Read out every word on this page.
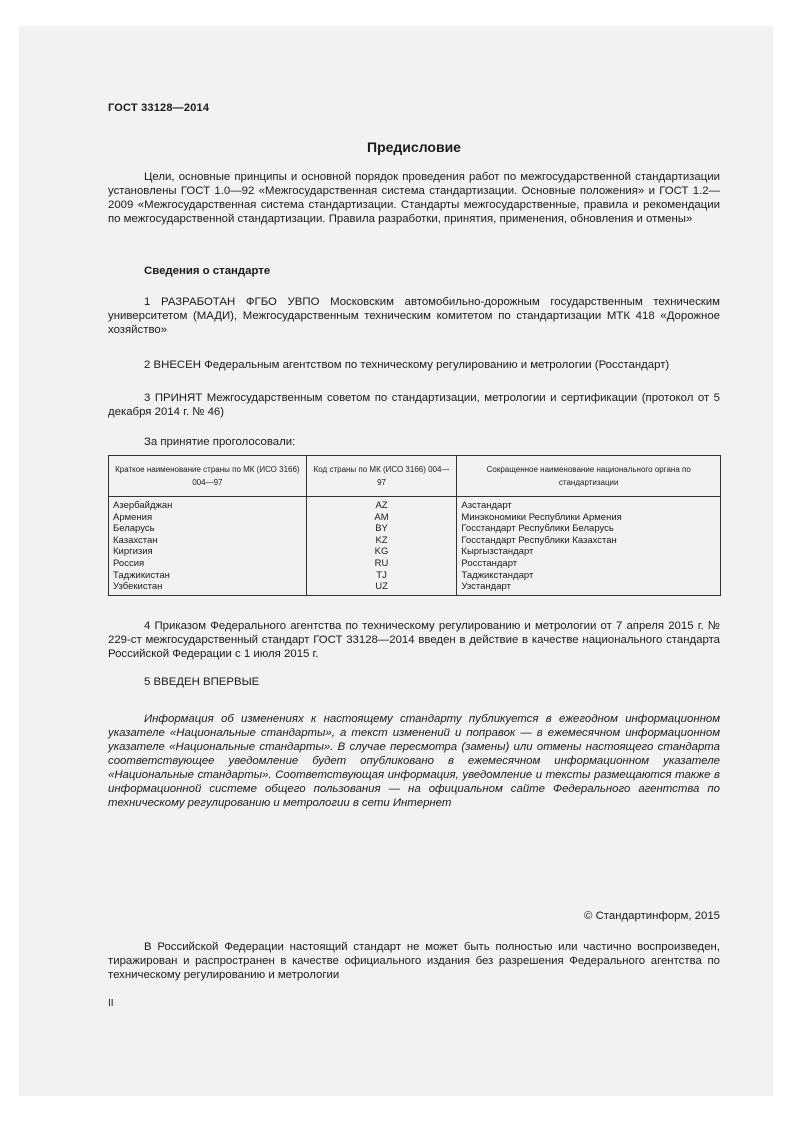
ГОСТ 33128—2014
Предисловие

Цели, основные принципы и основной порядок проведения работ по межгосударственной стандартизации установлены ГОСТ 1.0—92 «Межгосударственная система стандартизации. Основные положения» и ГОСТ 1.2—2009 «Межгосударственная система стандартизации. Стандарты межгосударственные, правила и рекомендации по межгосударственной стандартизации. Правила разработки, принятия, применения, обновления и отмены»

Сведения о стандарте

1 РАЗРАБОТАН ФГБО УВПО Московским автомобильно-дорожным государственным техническим университетом (МАДИ), Межгосударственным техническим комитетом по стандартизации МТК 418 «Дорожное хозяйство»

2 ВНЕСЕН Федеральным агентством по техническому регулированию и метрологии (Росстандарт)

3 ПРИНЯТ Межгосударственным советом по стандартизации, метрологии и сертификации (протокол от 5 декабря 2014 г. № 46)

За принятие проголосовали:
Краткое наименование страны по МК (ИСО 3166) 004—97	Код страны по МК (ИСО 3166) 004—97	Сокращенное наименование национального органа по стандартизации
Азербайджан	AZ	Азстандарт
Армения	AM	Минэкономики Республики Армения
Беларусь	BY	Госстандарт Республики Беларусь
Казахстан	KZ	Госстандарт Республики Казахстан
Киргизия	KG	Кыргызстандарт
Россия	RU	Росстандарт
Таджикистан	TJ	Таджикстандарт
Узбекистан	UZ	Узстандарт

4 Приказом Федерального агентства по техническому регулированию и метрологии от 7 апреля 2015 г. № 229-ст межгосударственный стандарт ГОСТ 33128—2014 введен в действие в качестве национального стандарта Российской Федерации с 1 июля 2015 г.

5 ВВЕДЕН ВПЕРВЫЕ

Информация об изменениях к настоящему стандарту публикуется в ежегодном информационном указателе «Национальные стандарты», а текст изменений и поправок — в ежемесячном информационном указателе «Национальные стандарты». В случае пересмотра (замены) или отмены настоящего стандарта соответствующее уведомление будет опубликовано в ежемесячном информационном указателе «Национальные стандарты». Соответствующая информация, уведомление и тексты размещаются также в информационной системе общего пользования — на официальном сайте Федерального агентства по техническому регулированию и метрологии в сети Интернет

© Стандартинформ, 2015

В Российской Федерации настоящий стандарт не может быть полностью или частично воспроизведен, тиражирован и распространен в качестве официального издания без разрешения Федерального агентства по техническому регулированию и метрологии

II
